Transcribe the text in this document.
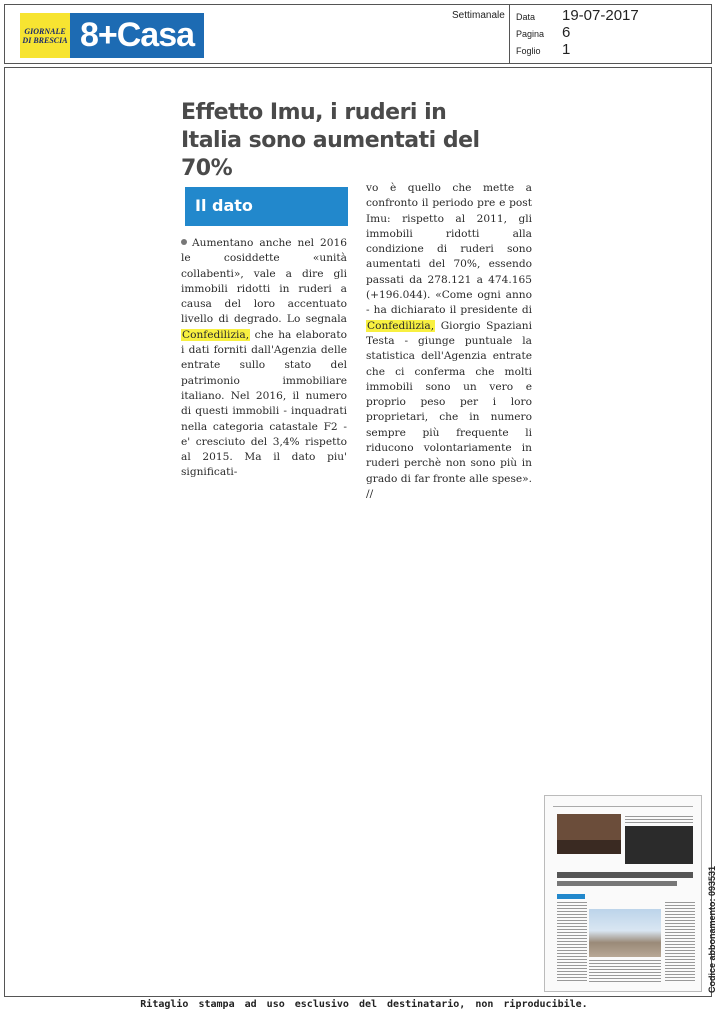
GIORNALE
DI BRESCIA 8+Casa
Settimanale Data	19-07-2017
Pagina	6
Foglio	1
Effetto Imu, i ruderi in Italia sono aumentati del 70%
Il dato
Aumentano anche nel 2016 le cosiddette «unità collabenti», vale a dire gli immobili ridotti in ruderi a causa del loro accentuato livello di degrado. Lo segnala Confedilizia, che ha elaborato i dati forniti dall'Agenzia delle entrate sullo stato del patrimonio immobiliare italiano. Nel 2016, il numero di questi immobili - inquadrati nella categoria catastale F2 - e' cresciuto del 3,4% rispetto al 2015. Ma il dato piu' significati-
vo è quello che mette a confronto il periodo pre e post Imu: rispetto al 2011, gli immobili ridotti alla condizione di ruderi sono aumentati del 70%, essendo passati da 278.121 a 474.165 (+196.044). «Come ogni anno - ha dichiarato il presidente di Confedilizia, Giorgio Spaziani Testa - giunge puntuale la statistica dell'Agenzia entrate che ci conferma che molti immobili sono un vero e proprio peso per i loro proprietari, che in numero sempre più frequente li riducono volontariamente in ruderi perchè non sono più in grado di far fronte alle spese». //
Codice abbonamento: 093531
Ritaglio stampa ad uso esclusivo del destinatario, non riproducibile.
